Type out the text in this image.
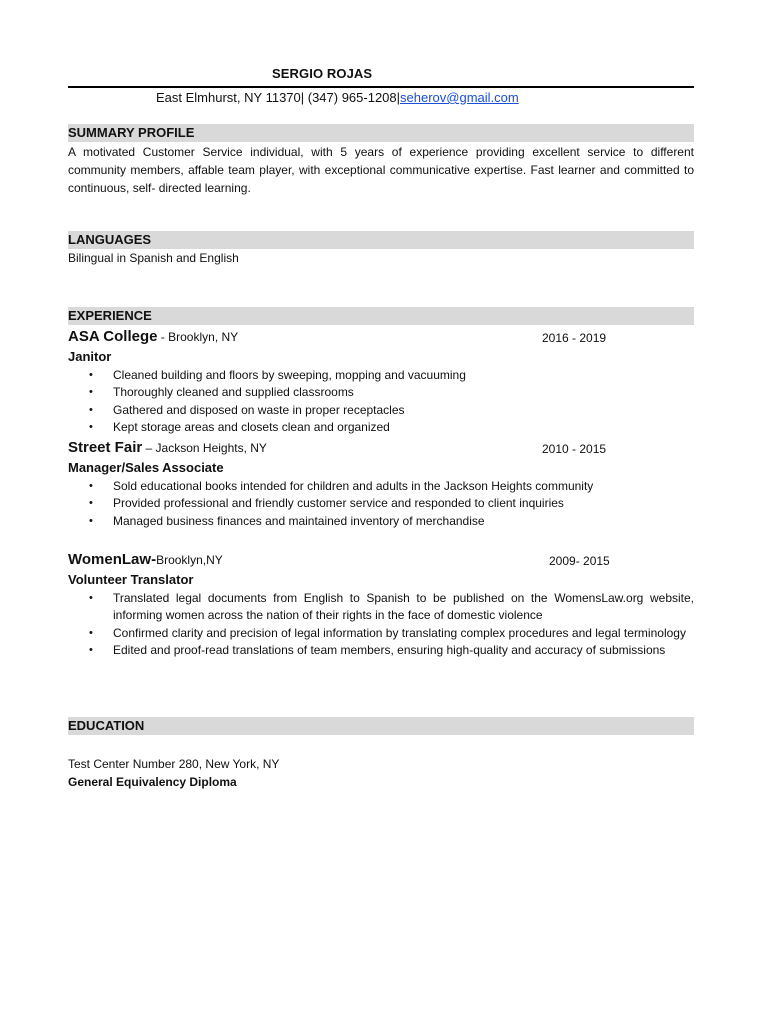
SERGIO ROJAS
East Elmhurst, NY 11370| (347) 965-1208|seherov@gmail.com
SUMMARY PROFILE
A motivated Customer Service individual, with 5 years of experience providing excellent service to different community members, affable team player, with exceptional communicative expertise. Fast learner and committed to continuous, self- directed learning.
LANGUAGES
Bilingual in Spanish and English
EXPERIENCE
ASA College - Brooklyn, NY	2016 - 2019
Janitor
• Cleaned building and floors by sweeping, mopping and vacuuming
• Thoroughly cleaned and supplied classrooms
• Gathered and disposed on waste in proper receptacles
• Kept storage areas and closets clean and organized
Street Fair – Jackson Heights, NY	2010 - 2015
Manager/Sales Associate
• Sold educational books intended for children and adults in the Jackson Heights community
• Provided professional and friendly customer service and responded to client inquiries
• Managed business finances and maintained inventory of merchandise
WomenLaw-Brooklyn,NY	2009- 2015
Volunteer Translator
• Translated legal documents from English to Spanish to be published on the WomensLaw.org website, informing women across the nation of their rights in the face of domestic violence
• Confirmed clarity and precision of legal information by translating complex procedures and legal terminology
• Edited and proof-read translations of team members, ensuring high-quality and accuracy of submissions
EDUCATION
Test Center Number 280, New York, NY
General Equivalency Diploma
